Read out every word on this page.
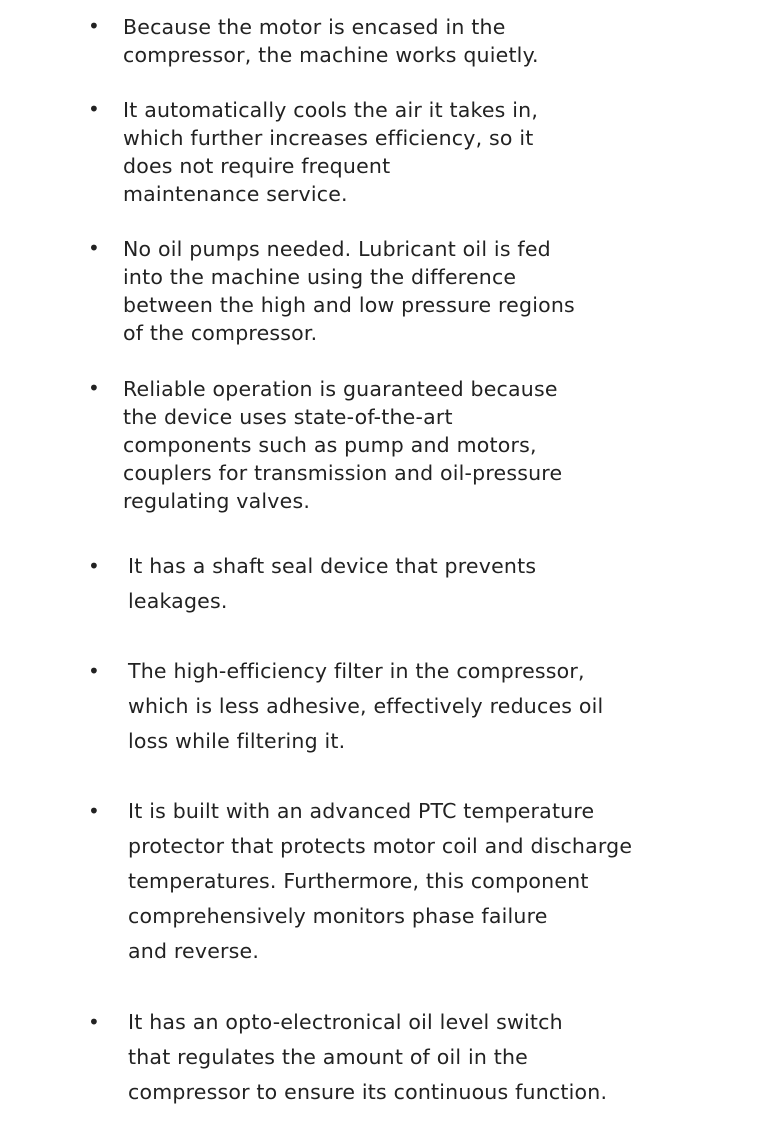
• Because the motor is encased in the
compressor, the machine works quietly.
• It automatically cools the air it takes in,
which further increases efficiency, so it
does not require frequent
maintenance service.
• No oil pumps needed. Lubricant oil is fed
into the machine using the difference
between the high and low pressure regions
of the compressor.
• Reliable operation is guaranteed because
the device uses state-of-the-art
components such as pump and motors,
couplers for transmission and oil-pressure
regulating valves.
• It has a shaft seal device that prevents
leakages.
• The high-efficiency filter in the compressor,
which is less adhesive, effectively reduces oil
loss while filtering it.
• It is built with an advanced PTC temperature
protector that protects motor coil and discharge
temperatures. Furthermore, this component
comprehensively monitors phase failure
and reverse.
• It has an opto-electronical oil level switch
that regulates the amount of oil in the
compressor to ensure its continuous function.
